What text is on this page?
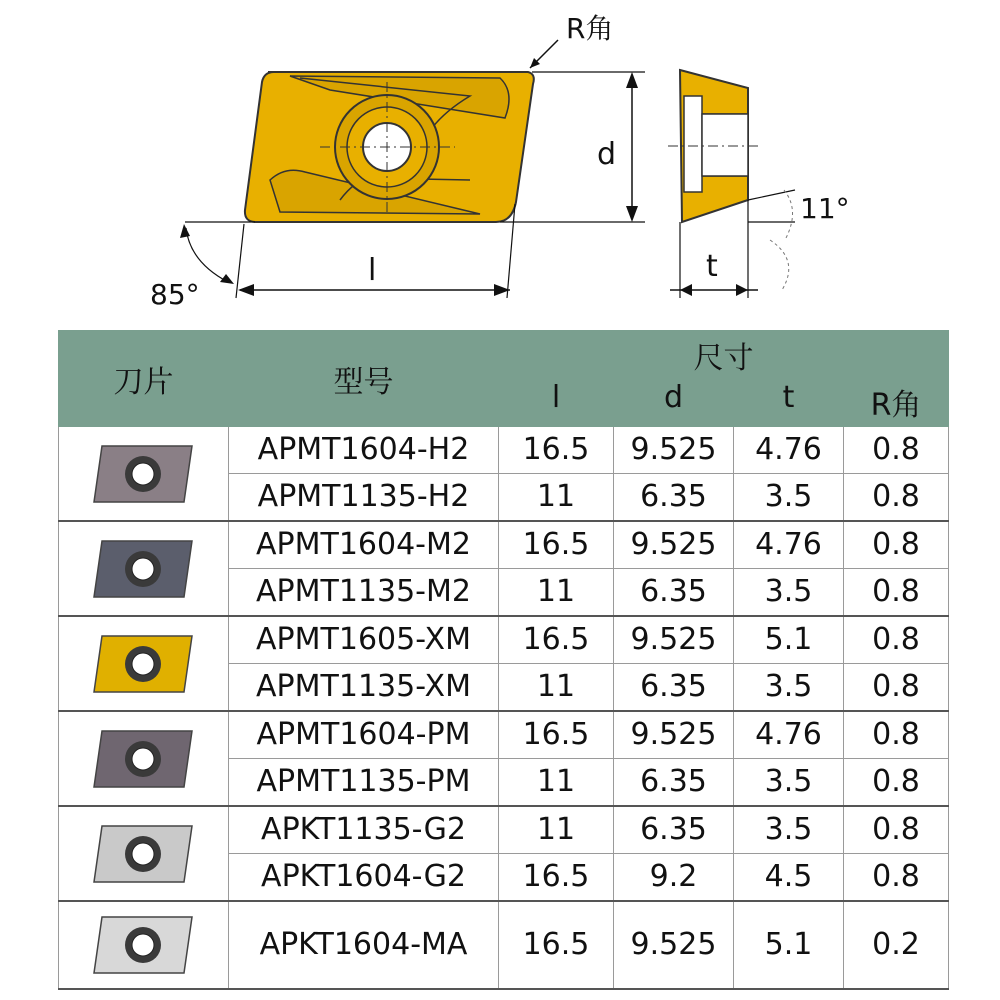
R角
d
l
85°
11°
t
刀片	型号	尺寸			
		l	d	t	R角

	APMT1604-H2	16.5	9.525	4.76	0.8
	APMT1135-H2	11	6.35	3.5	0.8

	APMT1604-M2	16.5	9.525	4.76	0.8
	APMT1135-M2	11	6.35	3.5	0.8

	APMT1605-XM	16.5	9.525	5.1	0.8
	APMT1135-XM	11	6.35	3.5	0.8

	APMT1604-PM	16.5	9.525	4.76	0.8
	APMT1135-PM	11	6.35	3.5	0.8

	APKT1135-G2	11	6.35	3.5	0.8
	APKT1604-G2	16.5	9.2	4.5	0.8

	APKT1604-MA	16.5	9.525	5.1	0.2
